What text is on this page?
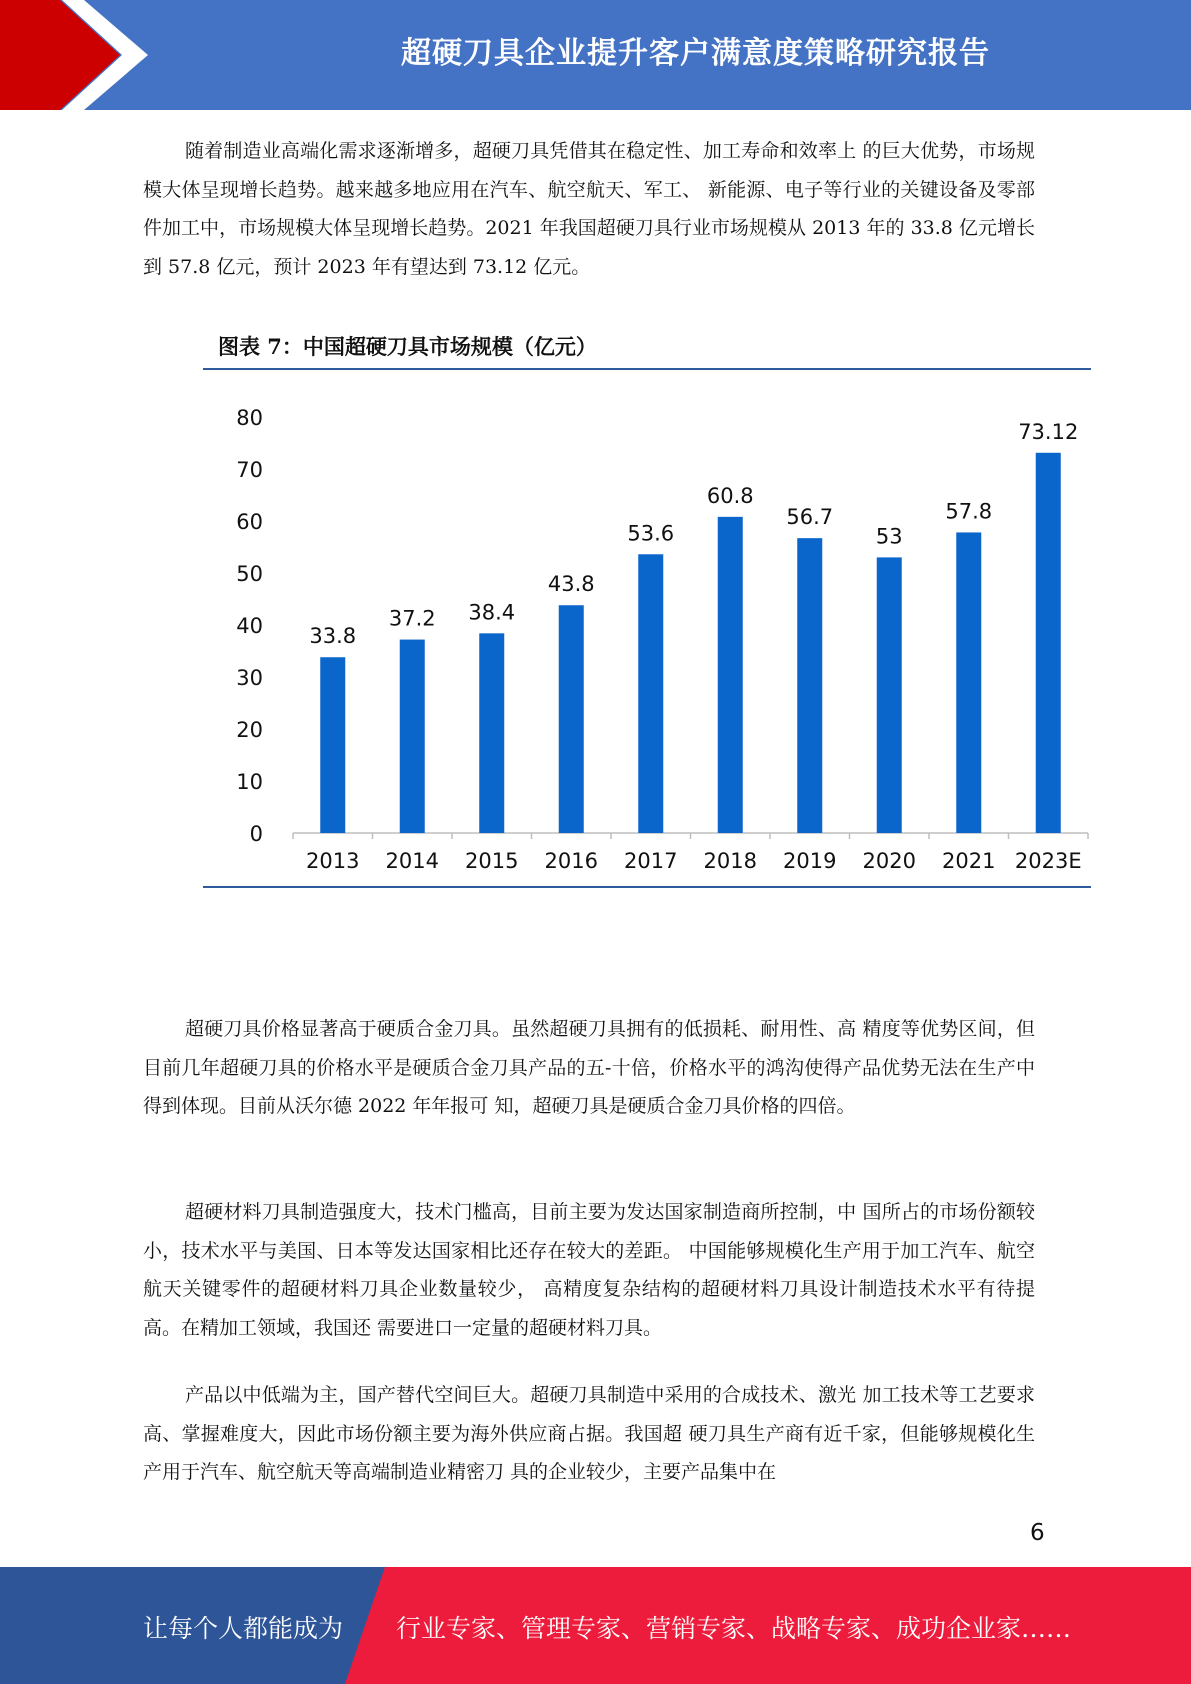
超硬刀具企业提升客户满意度策略研究报告

随着制造业高端化需求逐渐增多，超硬刀具凭借其在稳定性、加工寿命和效率上 的巨大优势，市场规模大体呈现增长趋势。越来越多地应用在汽车、航空航天、军工、 新能源、电子等行业的关键设备及零部件加工中，市场规模大体呈现增长趋势。2021 年我国超硬刀具行业市场规模从 2013 年的 33.8 亿元增长到 57.8 亿元，预计 2023 年有望达到 73.12 亿元。

图表 7：中国超硬刀具市场规模（亿元）
0
10
20
30
40
50
60
70
80
33.8
2013
37.2
2014
38.4
2015
43.8
2016
53.6
2017
60.8
2018
56.7
2019
53
2020
57.8
2021
73.12
2023E

超硬刀具价格显著高于硬质合金刀具。虽然超硬刀具拥有的低损耗、耐用性、高 精度等优势区间，但目前几年超硬刀具的价格水平是硬质合金刀具产品的五-十倍，价格水平的鸿沟使得产品优势无法在生产中得到体现。目前从沃尔德 2022 年年报可 知，超硬刀具是硬质合金刀具价格的四倍。

超硬材料刀具制造强度大，技术门槛高，目前主要为发达国家制造商所控制，中 国所占的市场份额较小，技术水平与美国、日本等发达国家相比还存在较大的差距。 中国能够规模化生产用于加工汽车、航空航天关键零件的超硬材料刀具企业数量较少， 高精度复杂结构的超硬材料刀具设计制造技术水平有待提高。在精加工领域，我国还 需要进口一定量的超硬材料刀具。

产品以中低端为主，国产替代空间巨大。超硬刀具制造中采用的合成技术、激光 加工技术等工艺要求高、掌握难度大，因此市场份额主要为海外供应商占据。我国超 硬刀具生产商有近千家，但能够规模化生产用于汽车、航空航天等高端制造业精密刀 具的企业较少，主要产品集中在

6
让每个人都能成为 行业专家、管理专家、营销专家、战略专家、成功企业家……
